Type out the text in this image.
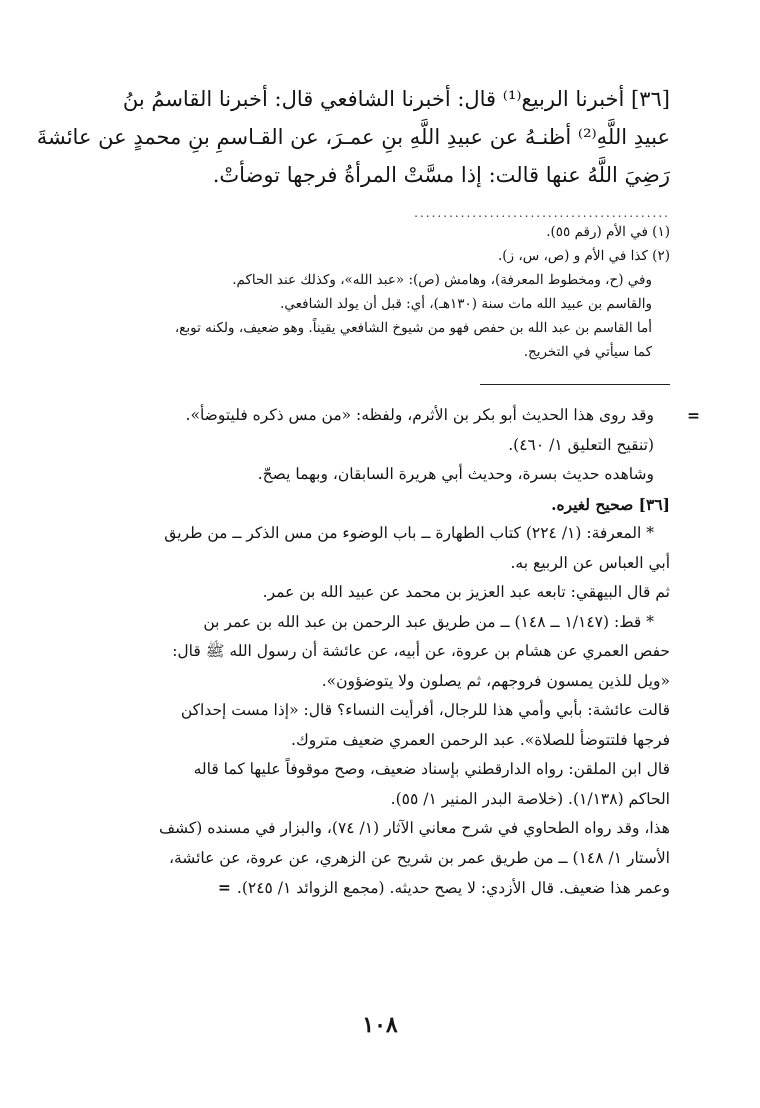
[٣٦] أخبرنا الربيع⁽¹⁾ قال: أخبرنا الشافعي قال: أخبرنا القاسمُ بنُ
عبيدِ اللَّهِ⁽²⁾ أظنـهُ عن عبيدِ اللَّهِ بنِ عمـرَ، عن القـاسمِ بنِ محمدٍ عن عائشةَ
رَضِيَ اللَّهُ عنها قالت: إذا مسَّتْ المرأةُ فرجها توضأتْ.
............................................

(١) في الأم (رقم ٥٥).

(٢) كذا في الأم و (ص، س، ز).

وفي (ح، ومخطوط المعرفة)، وهامش (ص): «عبد الله»، وكذلك عند الحاكم.

والقاسم بن عبيد الله مات سنة (١٣٠هـ)، أي: قبل أن يولد الشافعي.

أما القاسم بن عبد الله بن حفص فهو من شيوخ الشافعي يقيناً. وهو ضعيف، ولكنه توبع،

كما سيأتي في التخريج.

=
وقد روى هذا الحديث أبو بكر بن الأثرم، ولفظه: «من مس ذكره فليتوضأ».
(تنقيح التعليق ١/ ٤٦٠).
وشاهده حديث بسرة، وحديث أبي هريرة السابقان، وبهما يصحّ.
[٣٦] صحيح لغيره.
* المعرفة: (١/ ٢٢٤) كتاب الطهارة ــ باب الوضوء من مس الذكر ــ من طريق
أبي العباس عن الربيع به.
ثم قال البيهقي: تابعه عبد العزيز بن محمد عن عبيد الله بن عمر.
* قط: (١/١٤٧ ــ ١٤٨) ــ من طريق عبد الرحمن بن عبد الله بن عمر بن
حفص العمري عن هشام بن عروة، عن أبيه، عن عائشة أن رسول الله ﷺ قال:
«ويل للذين يمسون فروجهم، ثم يصلون ولا يتوضؤون».
قالت عائشة: بأبي وأمي هذا للرجال، أفرأيت النساء؟ قال: «إذا مست إحداكن
فرجها فلتتوضأ للصلاة». عبد الرحمن العمري ضعيف متروك.
قال ابن الملقن: رواه الدارقطني بإسناد ضعيف، وصح موقوفاً عليها كما قاله
الحاكم (١/١٣٨). (خلاصة البدر المنير ١/ ٥٥).
هذا، وقد رواه الطحاوي في شرح معاني الآثار (١/ ٧٤)، والبزار في مسنده (كشف
الأستار ١/ ١٤٨) ــ من طريق عمر بن شريح عن الزهري، عن عروة، عن عائشة،
وعمر هذا ضعيف. قال الأزدي: لا يصح حديثه. (مجمع الزوائد ١/ ٢٤٥).=
١٠٨
